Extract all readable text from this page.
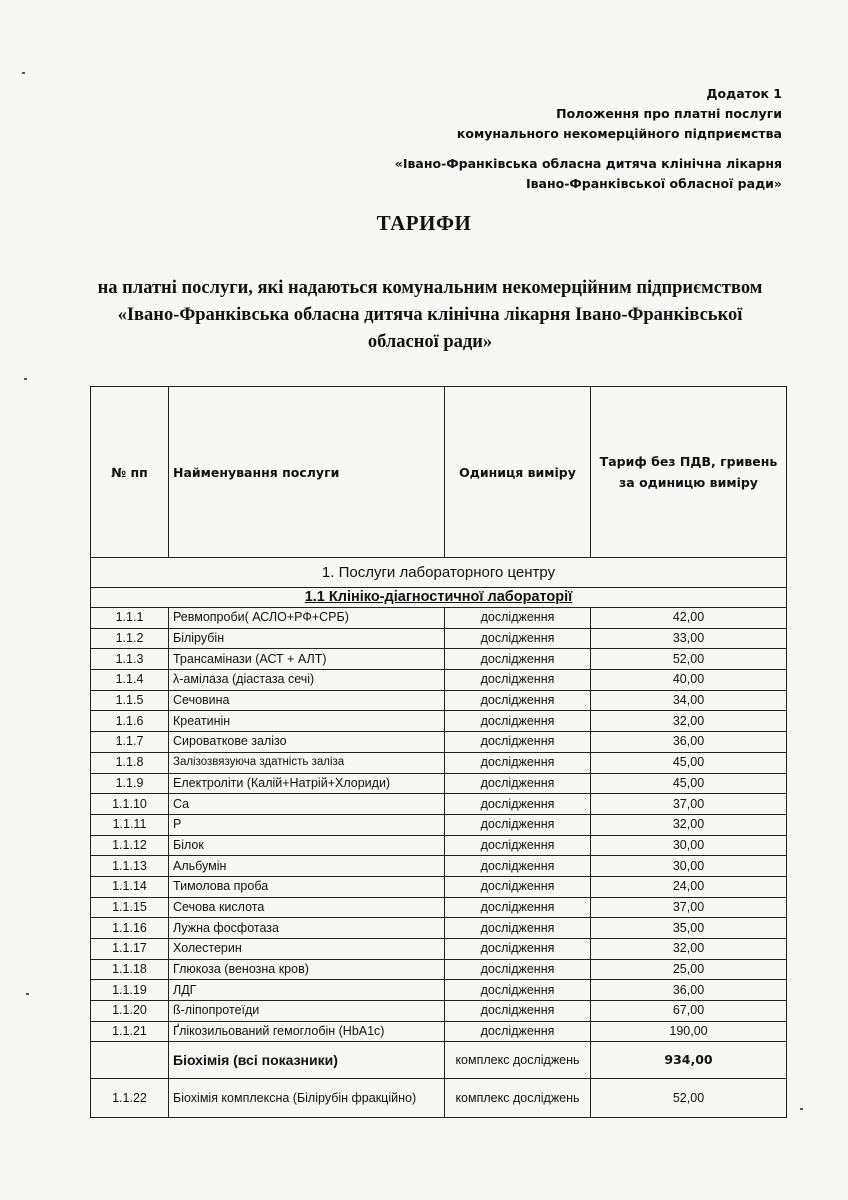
Додаток 1
Положення про платні послуги
комунального некомерційного підприємства
«Івано-Франківська обласна дитяча клінічна лікарня
Івано-Франківської обласної ради»
ТАРИФИ
на платні послуги, які надаються комунальним некомерційним підприємством «Івано-Франківська обласна дитяча клінічна лікарня Івано-Франківської обласної ради»
№ пп	Найменування послуги	Одиниця виміру	Тариф без ПДВ, гривень за одиницю виміру
1. Послуги лабораторного центру			
1.1 Клініко-діагностичної лабораторії			
1.1.1	Ревмопроби( АСЛО+РФ+СРБ)	дослідження	42,00
1.1.2	Білірубін	дослідження	33,00
1.1.3	Трансамінази (АСТ + АЛТ)	дослідження	52,00
1.1.4	λ-амілаза (діастаза сечі)	дослідження	40,00
1.1.5	Сечовина	дослідження	34,00
1.1.6	Креатинін	дослідження	32,00
1.1.7	Сироваткове залізо	дослідження	36,00
1.1.8	Залізозвязуюча здатність заліза	дослідження	45,00
1.1.9	Електроліти (Калій+Натрій+Хлориди)	дослідження	45,00
1.1.10	Са	дослідження	37,00
1.1.11	Р	дослідження	32,00
1.1.12	Білок	дослідження	30,00
1.1.13	Альбумін	дослідження	30,00
1.1.14	Тимолова проба	дослідження	24,00
1.1.15	Сечова кислота	дослідження	37,00
1.1.16	Лужна фосфотаза	дослідження	35,00
1.1.17	Холестерин	дослідження	32,00
1.1.18	Глюкоза (венозна кров)	дослідження	25,00
1.1.19	ЛДГ	дослідження	36,00
1.1.20	ß-ліпопротеїди	дослідження	67,00
1.1.21	Ґлікозильований гемоглобін (HbA1c)	дослідження	190,00
	Біохімія (всі показники)	комплекс досліджень	934,00
1.1.22	Біохімія комплексна (Білірубін фракційно)	комплекс досліджень	52,00
